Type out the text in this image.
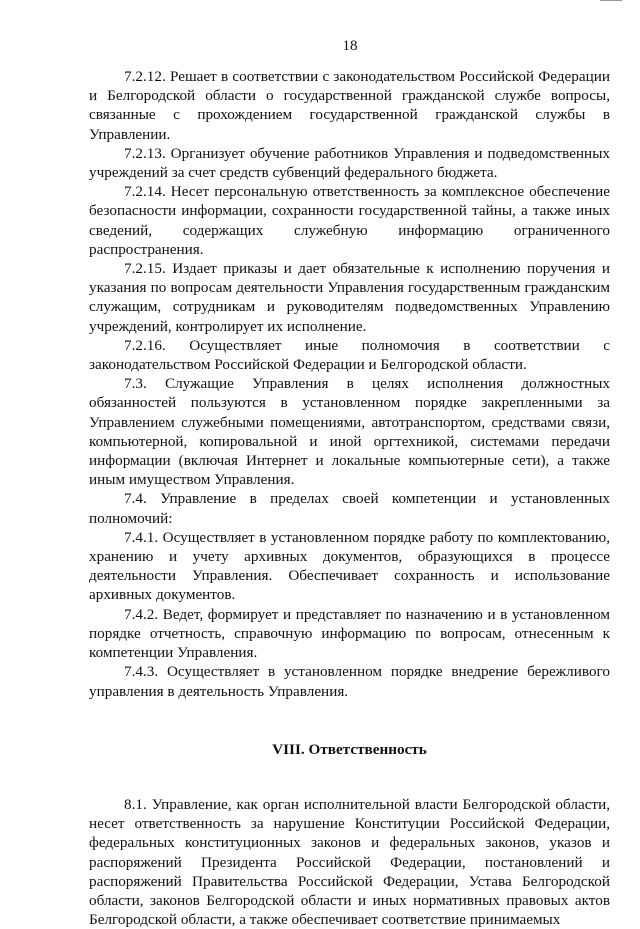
18

7.2.12. Решает в соответствии с законодательством Российской Федерации и Белгородской области о государственной гражданской службе вопросы, связанные с прохождением государственной гражданской службы в Управлении.

7.2.13. Организует обучение работников Управления и подведомственных учреждений за счет средств субвенций федерального бюджета.

7.2.14. Несет персональную ответственность за комплексное обеспечение безопасности информации, сохранности государственной тайны, а также иных сведений, содержащих служебную информацию ограниченного распространения.

7.2.15. Издает приказы и дает обязательные к исполнению поручения и указания по вопросам деятельности Управления государственным гражданским служащим, сотрудникам и руководителям подведомственных Управлению учреждений, контролирует их исполнение.

7.2.16. Осуществляет иные полномочия в соответствии с законодательством Российской Федерации и Белгородской области.

7.3. Служащие Управления в целях исполнения должностных обязанностей пользуются в установленном порядке закрепленными за Управлением служебными помещениями, автотранспортом, средствами связи, компьютерной, копировальной и иной оргтехникой, системами передачи информации (включая Интернет и локальные компьютерные сети), а также иным имуществом Управления.

7.4. Управление в пределах своей компетенции и установленных полномочий:

7.4.1. Осуществляет в установленном порядке работу по комплектованию, хранению и учету архивных документов, образующихся в процессе деятельности Управления. Обеспечивает сохранность и использование архивных документов.

7.4.2. Ведет, формирует и представляет по назначению и в установленном порядке отчетность, справочную информацию по вопросам, отнесенным к компетенции Управления.

7.4.3. Осуществляет в установленном порядке внедрение бережливого управления в деятельность Управления.

VIII. Ответственность

8.1. Управление, как орган исполнительной власти Белгородской области, несет ответственность за нарушение Конституции Российской Федерации, федеральных конституционных законов и федеральных законов, указов и распоряжений Президента Российской Федерации, постановлений и распоряжений Правительства Российской Федерации, Устава Белгородской области, законов Белгородской области и иных нормативных правовых актов Белгородской области, а также обеспечивает соответствие принимаемых
